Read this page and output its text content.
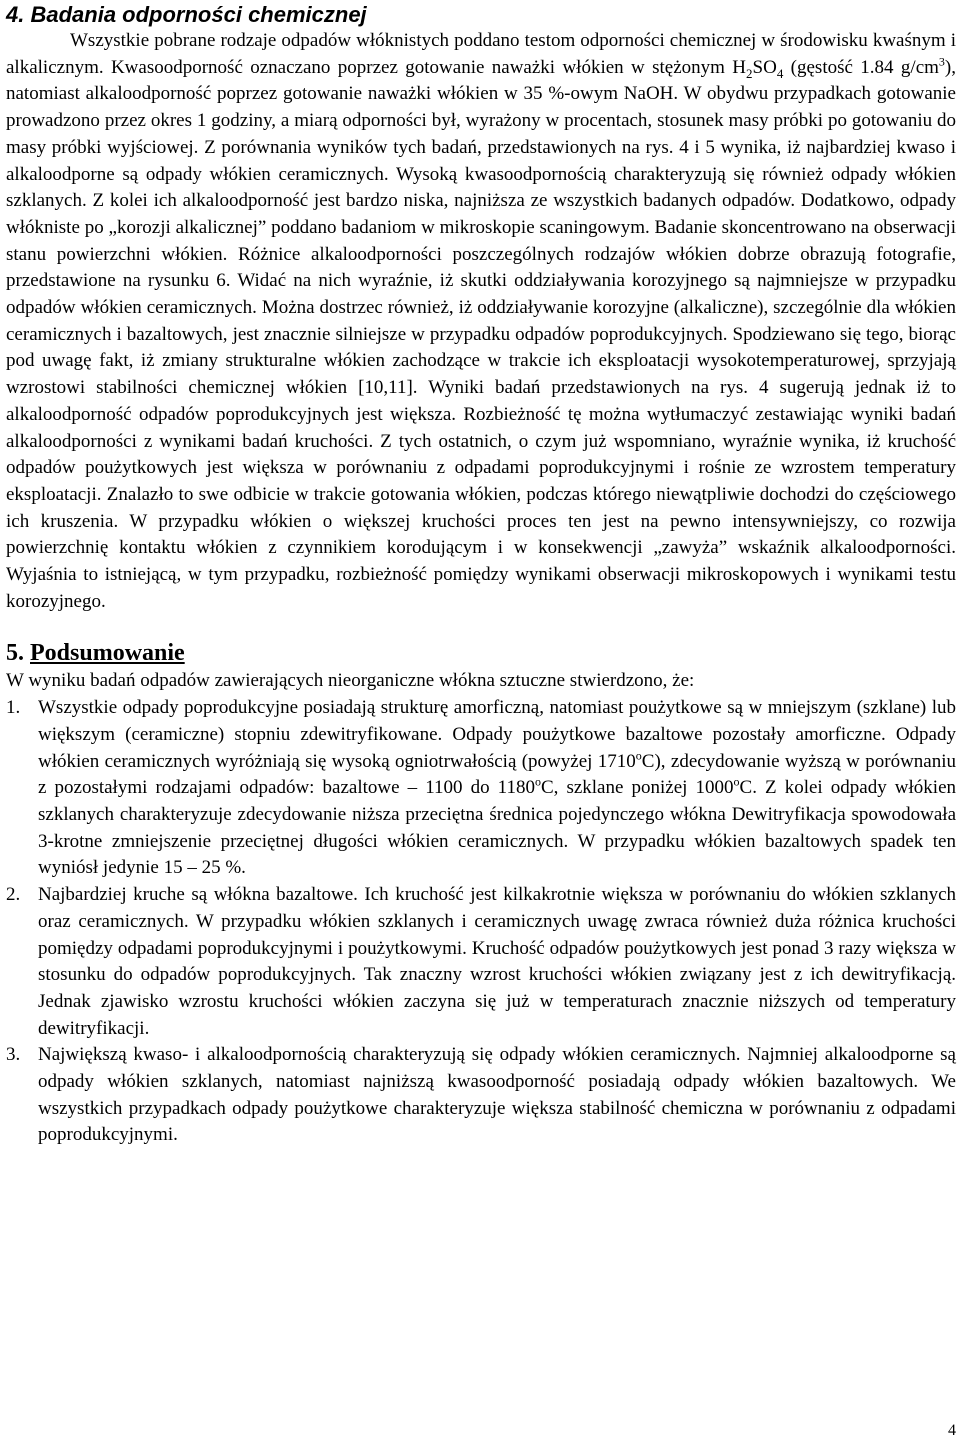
4. Badania odporności chemicznej

Wszystkie pobrane rodzaje odpadów włóknistych poddano testom odporności chemicznej w środowisku kwaśnym i alkalicznym. Kwasoodporność oznaczano poprzez gotowanie naważki włókien w stężonym $H_2SO_4$ (gęstość 1.84 $g/cm^3$), natomiast alkaloodporność poprzez gotowanie naważki włókien w 35 %-owym NaOH. W obydwu przypadkach gotowanie prowadzono przez okres 1 godziny, a miarą odporności był, wyrażony w procentach, stosunek masy próbki po gotowaniu do masy próbki wyjściowej. Z porównania wyników tych badań, przedstawionych na rys. 4 i 5 wynika, iż najbardziej kwaso i alkaloodporne są odpady włókien ceramicznych. Wysoką kwasoodpornością charakteryzują się również odpady włókien szklanych. Z kolei ich alkaloodporność jest bardzo niska, najniższa ze wszystkich badanych odpadów. Dodatkowo, odpady włókniste po „korozji alkalicznej” poddano badaniom w mikroskopie scaningowym. Badanie skoncentrowano na obserwacji stanu powierzchni włókien. Różnice alkaloodporności poszczególnych rodzajów włókien dobrze obrazują fotografie, przedstawione na rysunku 6. Widać na nich wyraźnie, iż skutki oddziaływania korozyjnego są najmniejsze w przypadku odpadów włókien ceramicznych. Można dostrzec również, iż oddziaływanie korozyjne (alkaliczne), szczególnie dla włókien ceramicznych i bazaltowych, jest znacznie silniejsze w przypadku odpadów poprodukcyjnych. Spodziewano się tego, biorąc pod uwagę fakt, iż zmiany strukturalne włókien zachodzące w trakcie ich eksploatacji wysokotemperaturowej, sprzyjają wzrostowi stabilności chemicznej włókien [10,11]. Wyniki badań przedstawionych na rys. 4 sugerują jednak iż to alkaloodporność odpadów poprodukcyjnych jest większa. Rozbieżność tę można wytłumaczyć zestawiając wyniki badań alkaloodporności z wynikami badań kruchości. Z tych ostatnich, o czym już wspomniano, wyraźnie wynika, iż kruchość odpadów poużytkowych jest większa w porównaniu z odpadami poprodukcyjnymi i rośnie ze wzrostem temperatury eksploatacji. Znalazło to swe odbicie w trakcie gotowania włókien, podczas którego niewątpliwie dochodzi do częściowego ich kruszenia. W przypadku włókien o większej kruchości proces ten jest na pewno intensywniejszy, co rozwija powierzchnię kontaktu włókien z czynnikiem korodującym i w konsekwencji „zawyża” wskaźnik alkaloodporności. Wyjaśnia to istniejącą, w tym przypadku, rozbieżność pomiędzy wynikami obserwacji mikroskopowych i wynikami testu korozyjnego.

5. Podsumowanie

W wyniku badań odpadów zawierających nieorganiczne włókna sztuczne stwierdzono, że:

1. Wszystkie odpady poprodukcyjne posiadają strukturę amorficzną, natomiast poużytkowe są w mniejszym (szklane) lub większym (ceramiczne) stopniu zdewitryfikowane. Odpady poużytkowe bazaltowe pozostały amorficzne. Odpady włókien ceramicznych wyróżniają się wysoką ogniotrwałością (powyżej 1710$^o$C), zdecydowanie wyższą w porównaniu z pozostałymi rodzajami odpadów: bazaltowe – 1100 do 1180$^o$C, szklane poniżej 1000$^o$C. Z kolei odpady włókien szklanych charakteryzuje zdecydowanie niższa przeciętna średnica pojedynczego włókna Dewitryfikacja spowodowała 3-krotne zmniejszenie przeciętnej długości włókien ceramicznych. W przypadku włókien bazaltowych spadek ten wyniósł jedynie 15 – 25 %.

2. Najbardziej kruche są włókna bazaltowe. Ich kruchość jest kilkakrotnie większa w porównaniu do włókien szklanych oraz ceramicznych. W przypadku włókien szklanych i ceramicznych uwagę zwraca również duża różnica kruchości pomiędzy odpadami poprodukcyjnymi i poużytkowymi. Kruchość odpadów poużytkowych jest ponad 3 razy większa w stosunku do odpadów poprodukcyjnych. Tak znaczny wzrost kruchości włókien związany jest z ich dewitryfikacją. Jednak zjawisko wzrostu kruchości włókien zaczyna się już w temperaturach znacznie niższych od temperatury dewitryfikacji.

3. Największą kwaso- i alkaloodpornością charakteryzują się odpady włókien ceramicznych. Najmniej alkaloodporne są odpady włókien szklanych, natomiast najniższą kwasoodporność posiadają odpady włókien bazaltowych. We wszystkich przypadkach odpady poużytkowe charakteryzuje większa stabilność chemiczna w porównaniu z odpadami poprodukcyjnymi.

4
